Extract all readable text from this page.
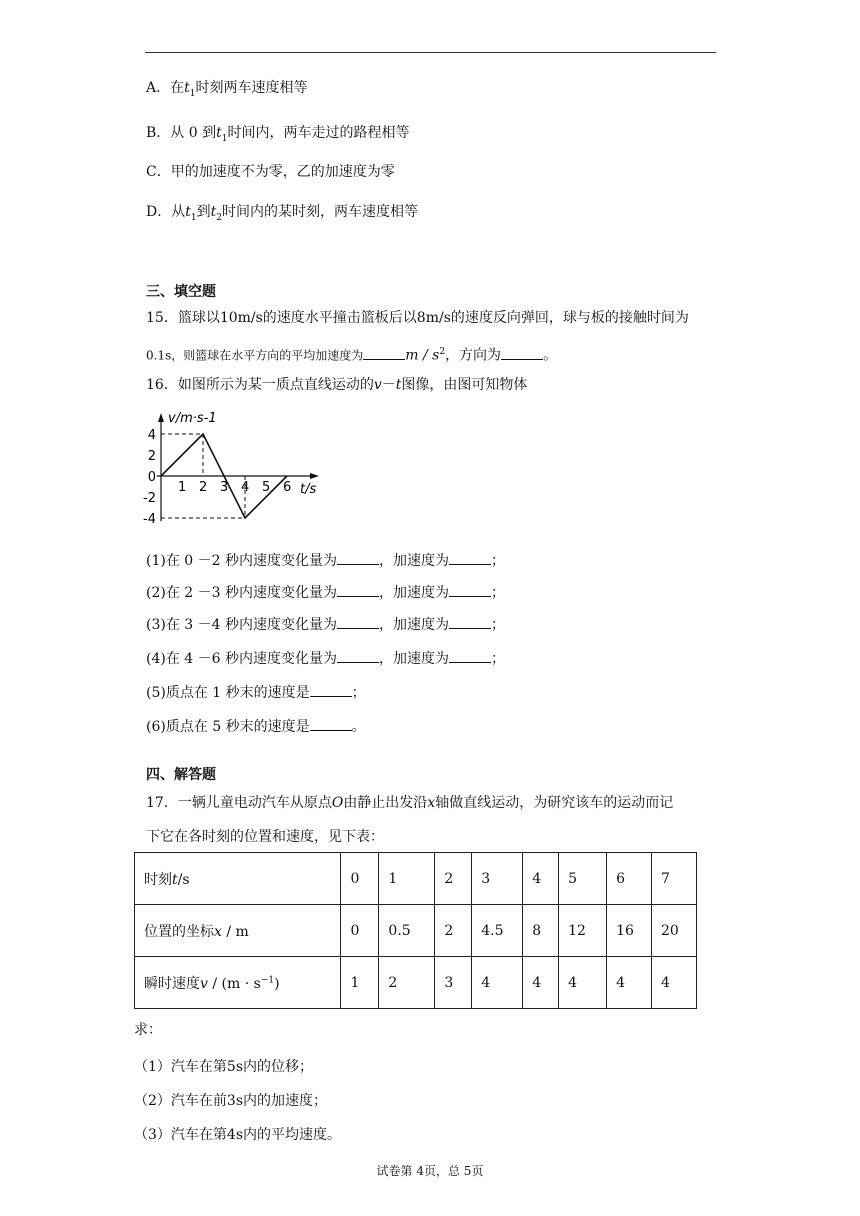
A．在$t_1$时刻两车速度相等
B．从 0 到$t_1$时间内，两车走过的路程相等
C．甲的加速度不为零，乙的加速度为零
D．从$t_1$到$t_2$时间内的某时刻，两车速度相等
三、填空题
15．篮球以10m/s的速度水平撞击篮板后以8m/s的速度反向弹回，球与板的接触时间为
0.1s，则篮球在水平方向的平均加速度为	m / $s^2$，方向为	。
16．如图所示为某一质点直线运动的v－t图像，由图可知物体
1 2 3 4 5 6
4
2
0
-2
-4
v/m·s-1
t/s
(1)在 0 －2 秒内速度变化量为	，加速度为	；
(2)在 2 －3 秒内速度变化量为	，加速度为	；
(3)在 3 －4 秒内速度变化量为	，加速度为	；
(4)在 4 －6 秒内速度变化量为	，加速度为	；
(5)质点在 1 秒末的速度是	；
(6)质点在 5 秒末的速度是	。
四、解答题
17．一辆儿童电动汽车从原点O由静止出发沿x轴做直线运动，为研究该车的运动而记
下它在各时刻的位置和速度，见下表：
时刻t/s	0	1	2	3	4	5	6	7
位置的坐标x / m	0	0.5	2	4.5	8	12	16	20
瞬时速度$v / (m \cdot s^{-1})$	1	2	3	4	4	4	4	4
求：
（1）汽车在第5s内的位移；
（2）汽车在前3s内的加速度；
（3）汽车在第4s内的平均速度。
试卷第 4页，总 5页
